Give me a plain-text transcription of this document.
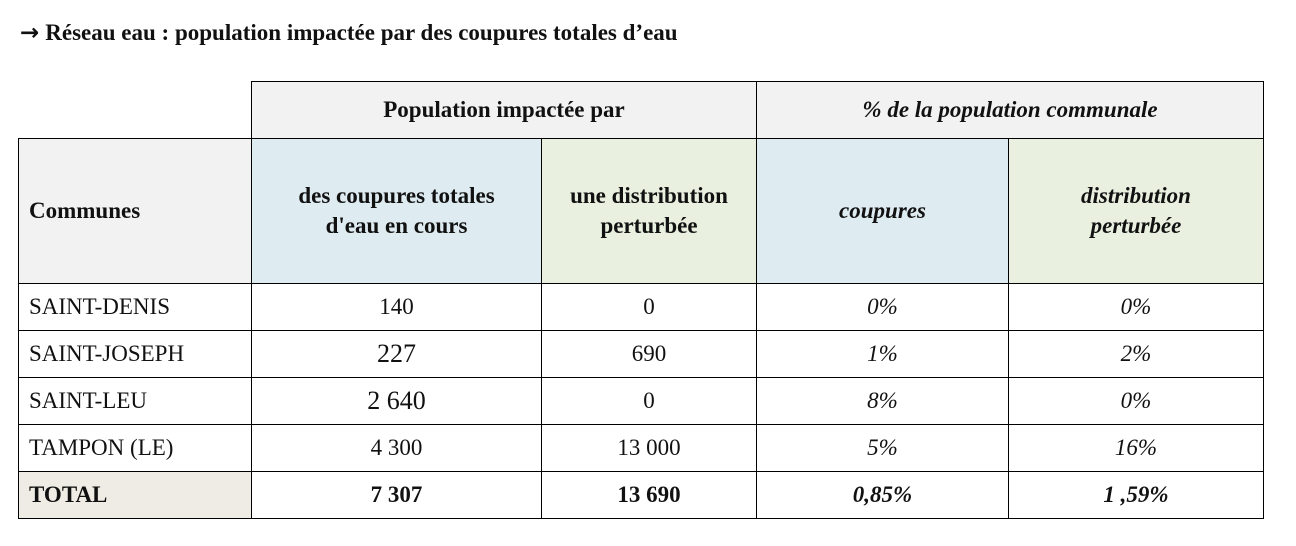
→ Réseau eau : population impactée par des coupures totales d’eau
	Population impactée par		% de la population communale	
Communes	des coupures totales d'eau en cours	une distribution perturbée	coupures	distribution perturbée
SAINT-DENIS	140	0	0%	0%
SAINT-JOSEPH	227	690	1%	2%
SAINT-LEU	2 640	0	8%	0%
TAMPON (LE)	4 300	13 000	5%	16%
TOTAL	7 307	13 690	0,85%	1 ,59%
